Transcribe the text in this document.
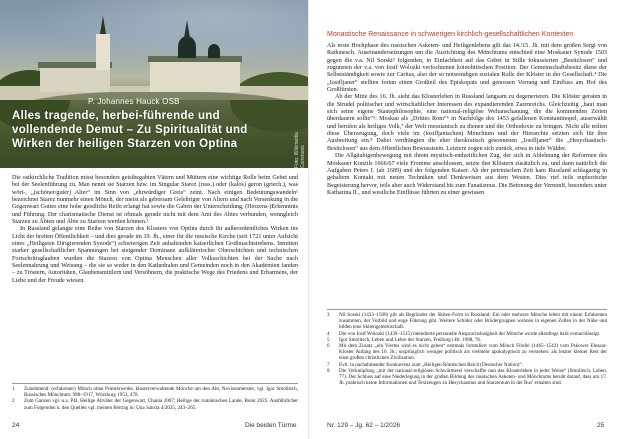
Foto: Wikimedia Commons
P. Johannes Hauck OSB
Alles tragende, herbei-führende und vollendende Demut – Zu Spiritualität und Wirken der heiligen Starzen von Optina

Die ostkirchliche Tradition misst besonders geistbegabten Vätern und Müttern eine wichtige Rolle beim Gebet und bei der Seelenführung zu. Man nennt sie Starzen bzw. im Singular Starez (russ.) oder (kalos) geron (griech.), was wört-, „(schöner/guter) Alter“ im Sinn von „ehrwürdiger Greis“ zeint. Nach einigen Bedeutungswandeln¹ bezeichnet Starez nunmehr einen Mönch, der meist als geborsam Gelehriger von Altern und nach Versenkung in die Gegenwart Gottes eine hohe geistliche Reife erlangt hat sowie die Gaben der Unterscheidung, (Herzens-)Erkenntnis und Führung. Der charismatische Dienst ist oftmals gerade nicht mit dem Amt des Abtes verbunden, wenngleich Starzen zu Äbten und Äbte zu Starzen werden können.²

In Russland gelangte eine Reihe von Starzen des Klosters von Optina durch ihr außerordentliches Wirken ins Licht der breiten Öffentlichkeit – und dies gerade im 19. Jh., einer für die russische Kirche (seit 1721 unter Aufsicht eines „Heiligsten Dirigierenden Synods“) schwierigen Zeit anhaltenden kaiserlichen Großmachtstrebens. Inmitten starker gesellschaftlicher Spannungen bei steigender Dominanz aufklärerischer Oberschichten und technischen Fortschrittsglauben wurden die Starzen von Optina Menschen aller Volksschichten bei der Suche nach Seelennahrung und Weisung – die sie so weder in den Kathedralen und Gemeinden noch in den Akademien fanden – zu Tröstern, Autoritäten, Glaubensmittlern und Versöhnern, die praktische Wege des Friedens und Erbarmens, der Liebe und der Freude wiesen.

1	Zunehmend: (erfahrener) Mönch ohne Priesterweihe, klosterverwaltende Mönche um den Abt, Novizenmeister, vgl. Igor Smolitsch, Russisches Mönchtum. 988–1917, Würzburg 1953, 478.
2	Zum Ganzen vgl. u.a. P.B. Heilige Altväter der Gegenwart, Chania 2007; Heilige der rumänischen Lande, Bonn 2025. Ausführlicher zum Folgenden u. den Quellen vgl. meinen Beitrag in: Una Sancta 4/2025, 243–265.
24	Die beiden Türme
Monastische Renaissance in schwierigen kirchlich-gesellschaftlichen Kontexten

Als erste Hochphase des russischen Asketen- und Heiligenlebens gilt das 14./15. Jh. mit dem großen Sergi von Radonesch. Auseinandersetzungen um die Ausrichtung des Mönchtums entschied eine Moskauer Synode 1503 gegen die v.a. Nil Sorski³ folgenden, in Einfachheit auf das Gebet in Stille fokussierten „Besitzlosen“ und zugunsten der v.a. von Iosif Wolozki verfochtenen koinobitischen Position: Der Gemeinschaftsbesitz diene der Selbstständigkeit sowie zur Caritas, also der so notwendigen sozialen Rolle der Klöster in der Gesellschaft.⁴ Die „Iosifljaner“ stellten fortan einen Großteil des Episkopats und genossen Vorrang und Einfluss am Hof des Großfürsten.

Ab der Mitte des 16. Jh. sieht das Klosterleben in Russland langsam zu degenerieren. Die Klöster geraten in die Strudel politischer und wirtschaftlicher Interessen des expandierenden Zarenreichs. Gleichzeitig „baut man sich seine eigene Staatsphilosophie, eine national-religiöse Weltanschauung, die die kommenden Zeiten überdauern sollte“⁵: Moskau als „Drittes Rom“⁶ in Nachfolge des 1453 gefallenen Konstantinopel, auserwählt und berufen als heiliges Volk,⁷ der Welt messianisch zu dienen und die Orthodoxie zu bringen. Nicht alle teilten diese Überzeugung, doch viele im (iosifljanischen) Mönchtum und der Hierarchie setzten sich für ihre Ausbreitung ein.⁸ Dabei verdrängten die eher theokratisch gesonnenen „Iosifljaner“ die „Hesychastisch-Besitzlosen“ aus dem öffentlichen Bewusstsein. Letztere zogen sich zurück, etwa in tiefe Wälder.

Die Allgäubigenbewegung mit ihrem mystisch-endzeitlichen Zug, der sich in Ablehnung der Reformen des Moskauer Konzils 1666/67 viele Fromme anschlossen, setzte den Klöstern zusätzlich zu, und dann natürlich die Aufgaben Peters I. (ab 1689) und der folgenden Kaiser. Ab der petrinischen Zeit kam Russland schlagartig in gehaltem Kontakt mit neuen Techniken und Denkweisen aus dem Westen. Dies rief teils euphorische Begeisterung hervor, teils aber auch Widerstand bis zum Fanatismus. Die Betonung der Vernunft, besonders unter Katharina II., und westliche Einflüsse führten zu einer gewissen

3	Nil Sorski (1433–1508) gilt als Begründer der Skiten-Form in Russland: Ein oder mehrere Mönche leben mit einem Erfahrenen zusammen, der Vorbild und enge Führung gibt. Weitere Schüler oder Brüdergruppen wohnen in eigenen Zellen in der Nähe und bilden eine Skitengemeinschaft.
4	Die von Iosif Wolozki (1439–1515) intendierte personelle Anspruchslosigkeit der Mönche wurde allerdings bald vernachlässigt.
5	Igor Smolitsch, Leben und Lehre der Starzen, Freiburg i.Br. 1988, 76.
6	Mit dem Zusatz „ein Viertes wird es nicht geben“ erstmals formuliert vom Mönch Filofei (1465–1542) vom Pskower Eleasar-Kloster Anfang des 16. Jh.; ursprünglich weniger politisch als vielmehr apokalyptisch zu verstehen: als letzter kleiner Rest der einst großen christlichen Zivilisation.
7	Evtl. in nachahmender Konkurrenz zum „Heiligen Römischen Reich (Deutscher Nation)“.
8	Die Verknüpfung „mit der national-religiösen Schwärmerei verschaffte nun das Klosterleben in jeder Weise“ (Smolitsch, Leben, 77). Der Schluss auf eine Niederlegung in der großen Bildung des russischen Asketen- und Mönchtums beruht darauf, dass um 17. Jh. praktisch keine Informationen und Textzeugen zu Hesychasmus und Starzentum in der Rus’ erhalten sind.
Nr. 129 – Jg. 62 – 1/2026	25
